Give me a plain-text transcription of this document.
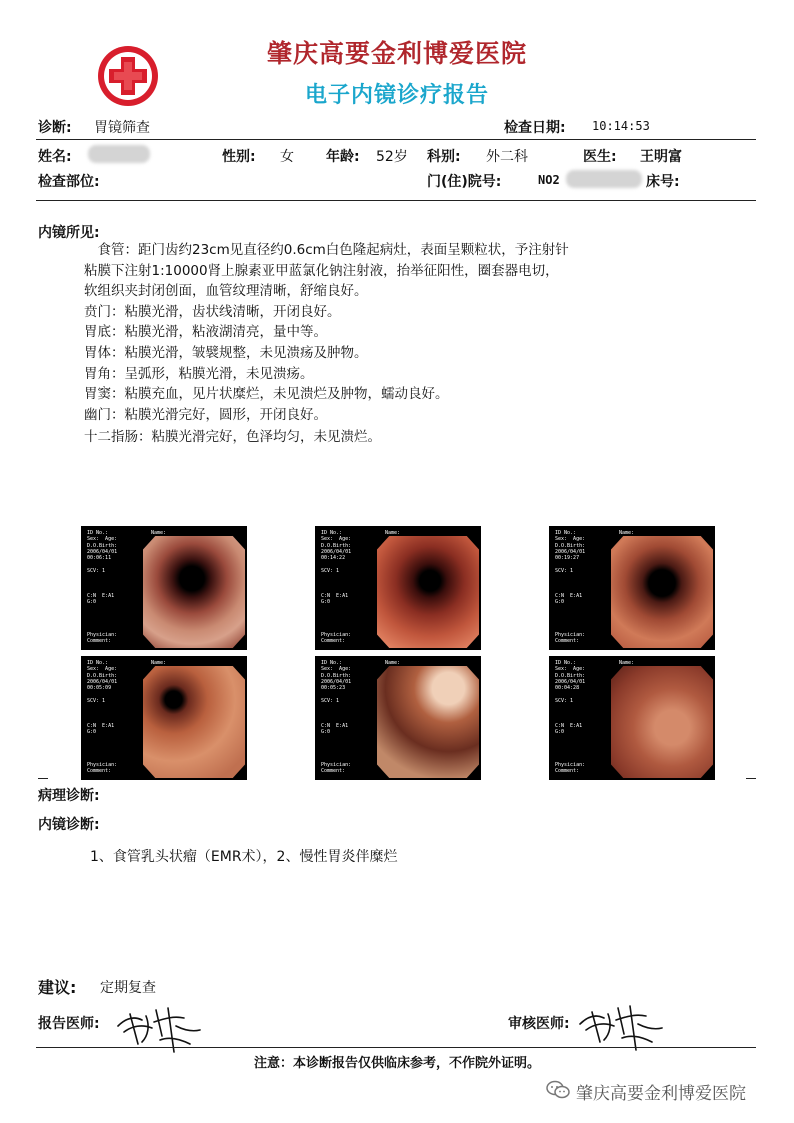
肇庆高要金利博爱医院
电子内镜诊疗报告
诊断: 胃镜筛查	检查日期: 10:14:53
姓名:	性别: 女 年龄: 52岁 科别: 外二科	医生: 王明富
检查部位:	门(住)院号:	NO2	床号:
内镜所见:
　食管：距门齿约23cm见直径约0.6cm白色隆起病灶，表面呈颗粒状，予注射针
粘膜下注射1:10000肾上腺素亚甲蓝氯化钠注射液，抬举征阳性，圈套器电切，
软组织夹封闭创面，血管纹理清晰，舒缩良好。
贲门：粘膜光滑，齿状线清晰，开闭良好。
胃底：粘膜光滑，粘液湖清亮，量中等。
胃体：粘膜光滑，皱襞规整，未见溃疡及肿物。
胃角：呈弧形，粘膜光滑，未见溃疡。
胃窦：粘膜充血，见片状糜烂，未见溃烂及肿物，蠕动良好。
幽门：粘膜光滑完好，圆形，开闭良好。
十二指肠：粘膜光滑完好，色泽均匀，未见溃烂。
ID No.:
Sex:  Age:
D.O.Birth:
2006/04/01
00:06:11

SCV: 1

C:N  E:A1
G:0
Name:
Physician:
Comment:
ID No.:
Sex:  Age:
D.O.Birth:
2006/04/01
00:14:22

SCV: 1

C:N  E:A1
G:0
Name:
Physician:
Comment:
ID No.:
Sex:  Age:
D.O.Birth:
2006/04/01
00:19:27

SCV: 1

C:N  E:A1
G:0
Name:
Physician:
Comment:
ID No.:
Sex:  Age:
D.O.Birth:
2006/04/01
00:05:09

SCV: 1

C:N  E:A1
G:0
Name:
Physician:
Comment:
ID No.:
Sex:  Age:
D.O.Birth:
2006/04/01
00:05:23

SCV: 1

C:N  E:A1
G:0
Name:
Physician:
Comment:
ID No.:
Sex:  Age:
D.O.Birth:
2006/04/01
00:04:28

SCV: 1

C:N  E:A1
G:0
Name:
Physician:
Comment:
病理诊断:
内镜诊断:
1、食管乳头状瘤（EMR术），2、慢性胃炎伴糜烂
建议: 定期复查
报告医师:	审核医师:
注意：本诊断报告仅供临床参考，不作院外证明。
肇庆高要金利博爱医院
